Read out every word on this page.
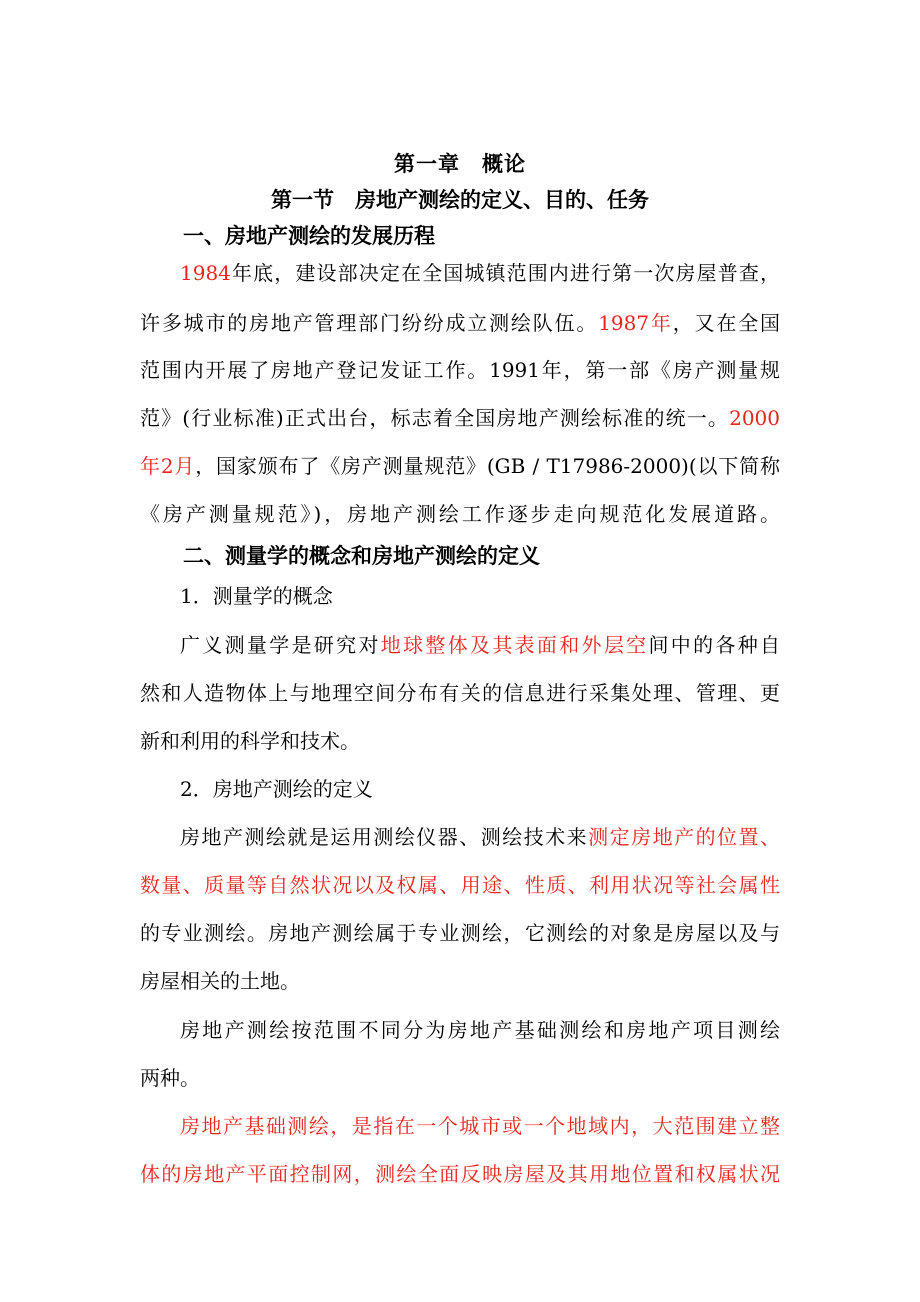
第一章　概论
第一节　房地产测绘的定义、目的、任务
一、房地产测绘的发展历程
1984年底，建设部决定在全国城镇范围内进行第一次房屋普查，
许多城市的房地产管理部门纷纷成立测绘队伍。1987年，又在全国
范围内开展了房地产登记发证工作。1991年，第一部《房产测量规
范》(行业标准)正式出台，标志着全国房地产测绘标准的统一。2000
年2月，国家颁布了《房产测量规范》(GB / T17986-2000)(以下简称
《房产测量规范》)，房地产测绘工作逐步走向规范化发展道路。
二、测量学的概念和房地产测绘的定义
1．测量学的概念
广义测量学是研究对地球整体及其表面和外层空间中的各种自
然和人造物体上与地理空间分布有关的信息进行采集处理、管理、更
新和利用的科学和技术。
2．房地产测绘的定义
房地产测绘就是运用测绘仪器、测绘技术来测定房地产的位置、
数量、质量等自然状况以及权属、用途、性质、利用状况等社会属性
的专业测绘。房地产测绘属于专业测绘，它测绘的对象是房屋以及与
房屋相关的土地。
房地产测绘按范围不同分为房地产基础测绘和房地产项目测绘
两种。
房地产基础测绘，是指在一个城市或一个地域内，大范围建立整
体的房地产平面控制网，测绘全面反映房屋及其用地位置和权属状况
